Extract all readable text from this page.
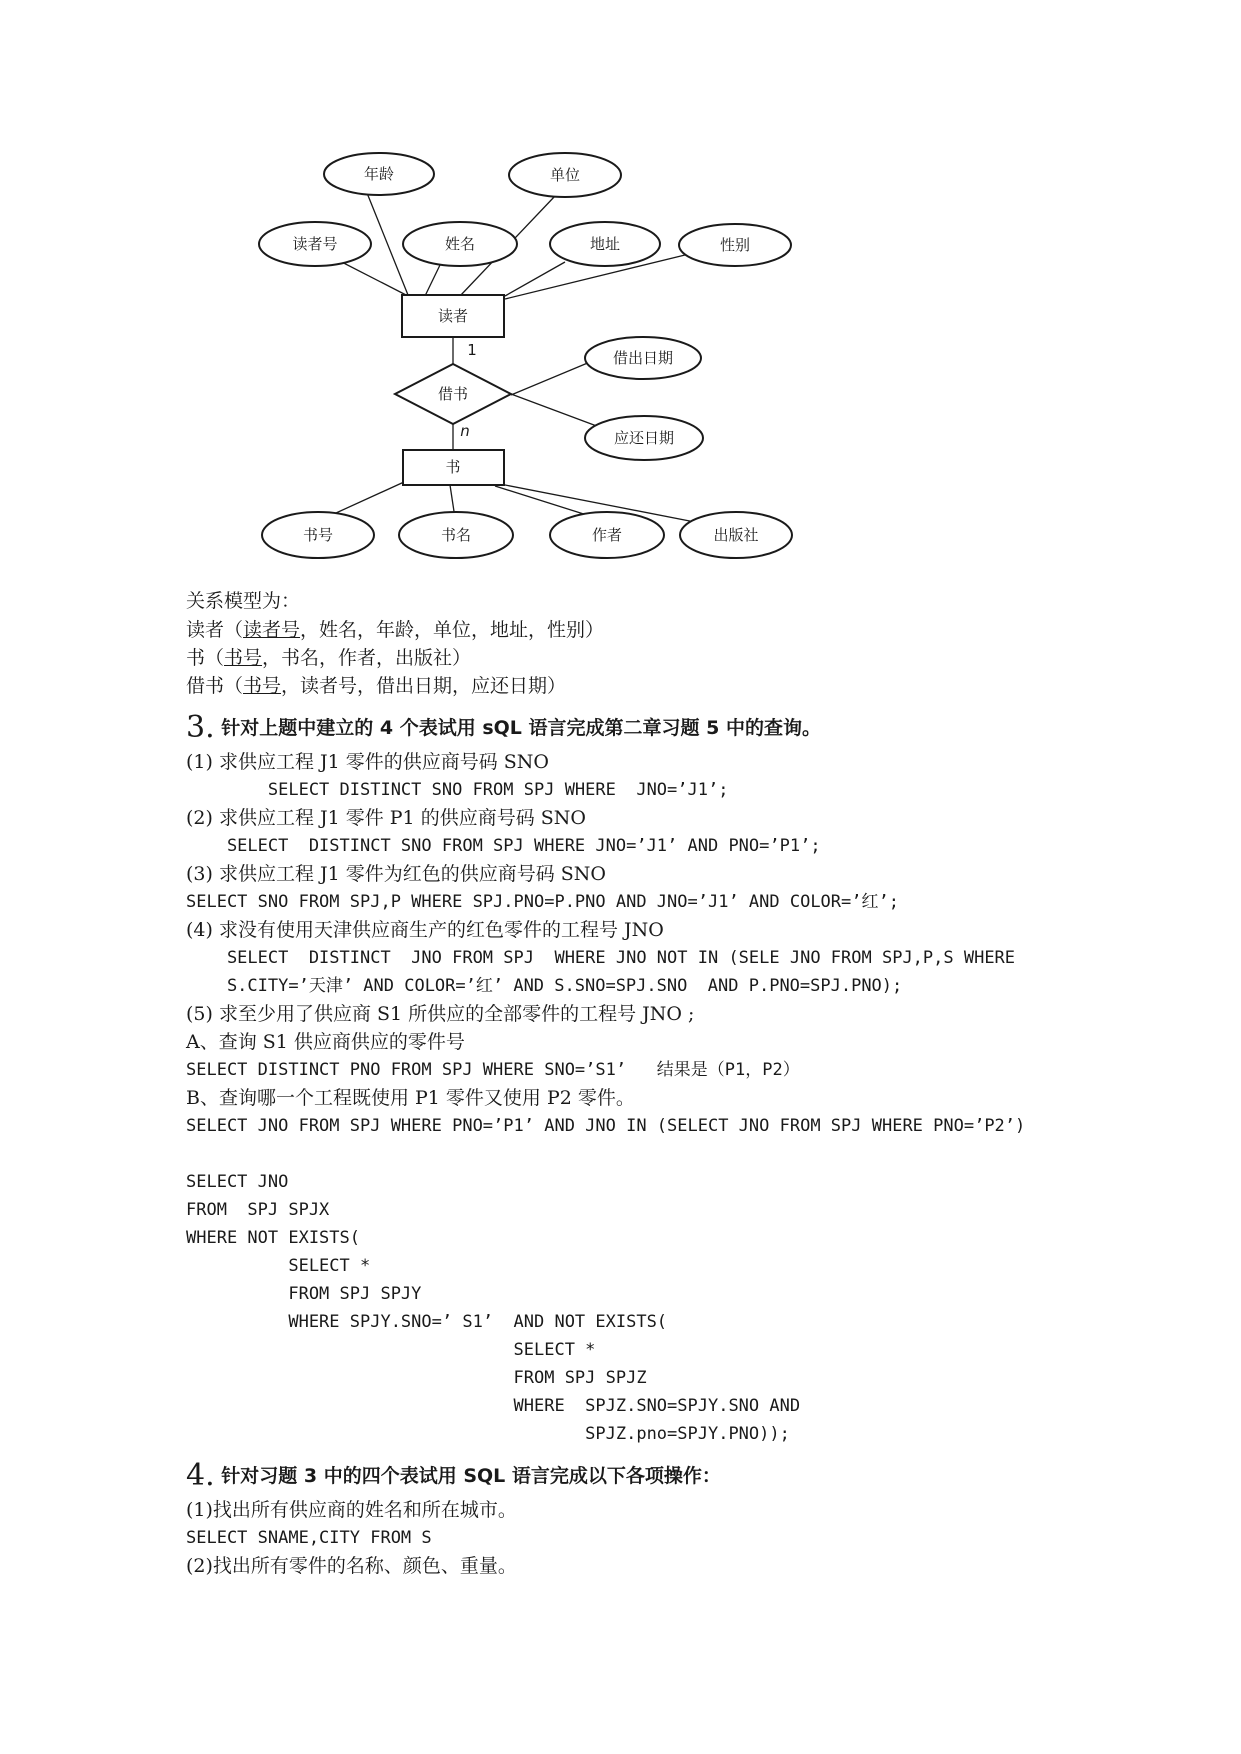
年龄	单位
读者号	姓名	地址	性别
读者
1
n
借书
借出日期
应还日期
书
书号	书名	作者	出版社

关系模型为：

读者（读者号，姓名，年龄，单位，地址，性别）

书（书号，书名，作者，出版社）

借书（书号，读者号，借出日期，应还日期）

3. 针对上题中建立的 4 个表试用 sQL 语言完成第二章习题 5 中的查询。

(1) 求供应工程 J1 零件的供应商号码 SNO

SELECT DISTINCT SNO FROM SPJ WHERE  JNO=’J1’;

(2) 求供应工程 J1 零件 P1 的供应商号码 SNO

SELECT  DISTINCT SNO FROM SPJ WHERE JNO=’J1’ AND PNO=’P1’;

(3) 求供应工程 J1 零件为红色的供应商号码 SNO

SELECT SNO FROM SPJ,P WHERE SPJ.PNO=P.PNO AND JNO=’J1’ AND COLOR=’红’;

(4) 求没有使用天津供应商生产的红色零件的工程号 JNO

SELECT  DISTINCT  JNO FROM SPJ  WHERE JNO NOT IN (SELE JNO FROM SPJ,P,S WHERE

S.CITY=’天津’ AND COLOR=’红’ AND S.SNO=SPJ.SNO  AND P.PNO=SPJ.PNO);

(5) 求至少用了供应商 S1 所供应的全部零件的工程号 JNO ;

A、查询 S1 供应商供应的零件号

SELECT DISTINCT PNO FROM SPJ WHERE SNO=’S1’   结果是（P1，P2）

B、查询哪一个工程既使用 P1 零件又使用 P2 零件。

SELECT JNO FROM SPJ WHERE PNO=’P1’ AND JNO IN (SELECT JNO FROM SPJ WHERE PNO=’P2’)

SELECT JNO

FROM  SPJ SPJX

WHERE NOT EXISTS(

SELECT *

FROM SPJ SPJY

WHERE SPJY.SNO=’ S1’  AND NOT EXISTS(

SELECT *

FROM SPJ SPJZ

WHERE  SPJZ.SNO=SPJY.SNO AND

SPJZ.pno=SPJY.PNO));

4. 针对习题 3 中的四个表试用 SQL 语言完成以下各项操作：

(1)找出所有供应商的姓名和所在城市。

SELECT SNAME,CITY FROM S

(2)找出所有零件的名称、颜色、重量。
